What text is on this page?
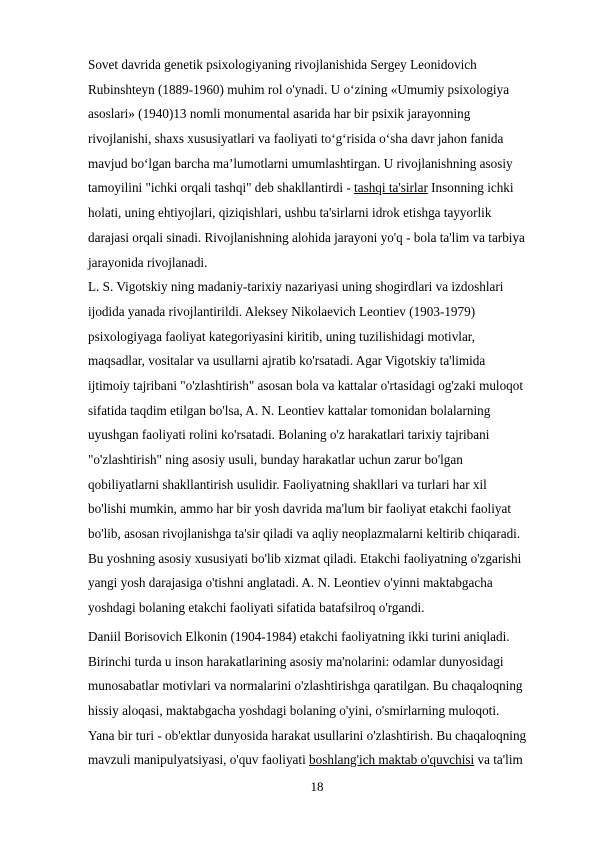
Sovet davrida genetik psixologiyaning rivojlanishida Sergey Leonidovich
Rubinshteyn (1889-1960) muhim rol o'ynadi. U o‘zining «Umumiy psixologiya
asoslari» (1940)13 nomli monumental asarida har bir psixik jarayonning
rivojlanishi, shaxs xususiyatlari va faoliyati to‘g‘risida o‘sha davr jahon fanida
mavjud bo‘lgan barcha ma’lumotlarni umumlashtirgan. U rivojlanishning asosiy
tamoyilini "ichki orqali tashqi" deb shakllantirdi - tashqi ta'sirlar Insonning ichki
holati, uning ehtiyojlari, qiziqishlari, ushbu ta'sirlarni idrok etishga tayyorlik
darajasi orqali sinadi. Rivojlanishning alohida jarayoni yo'q - bola ta'lim va tarbiya
jarayonida rivojlanadi.
L. S. Vigotskiy ning madaniy-tarixiy nazariyasi uning shogirdlari va izdoshlari
ijodida yanada rivojlantirildi. Aleksey Nikolaevich Leontiev (1903-1979)
psixologiyaga faoliyat kategoriyasini kiritib, uning tuzilishidagi motivlar,
maqsadlar, vositalar va usullarni ajratib ko'rsatadi. Agar Vigotskiy ta'limida
ijtimoiy tajribani "o'zlashtirish" asosan bola va kattalar o'rtasidagi og'zaki muloqot
sifatida taqdim etilgan bo'lsa, A. N. Leontiev kattalar tomonidan bolalarning
uyushgan faoliyati rolini ko'rsatadi. Bolaning o'z harakatlari tarixiy tajribani
"o'zlashtirish" ning asosiy usuli, bunday harakatlar uchun zarur bo'lgan
qobiliyatlarni shakllantirish usulidir. Faoliyatning shakllari va turlari har xil
bo'lishi mumkin, ammo har bir yosh davrida ma'lum bir faoliyat etakchi faoliyat
bo'lib, asosan rivojlanishga ta'sir qiladi va aqliy neoplazmalarni keltirib chiqaradi.
Bu yoshning asosiy xususiyati bo'lib xizmat qiladi. Etakchi faoliyatning o'zgarishi
yangi yosh darajasiga o'tishni anglatadi. A. N. Leontiev o'yinni maktabgacha
yoshdagi bolaning etakchi faoliyati sifatida batafsilroq o'rgandi.
Daniil Borisovich Elkonin (1904-1984) etakchi faoliyatning ikki turini aniqladi.
Birinchi turda u inson harakatlarining asosiy ma'nolarini: odamlar dunyosidagi
munosabatlar motivlari va normalarini o'zlashtirishga qaratilgan. Bu chaqaloqning
hissiy aloqasi, maktabgacha yoshdagi bolaning o'yini, o'smirlarning muloqoti.
Yana bir turi - ob'ektlar dunyosida harakat usullarini o'zlashtirish. Bu chaqaloqning
mavzuli manipulyatsiyasi, o'quv faoliyati boshlang'ich maktab o'quvchisi va ta'lim
18
